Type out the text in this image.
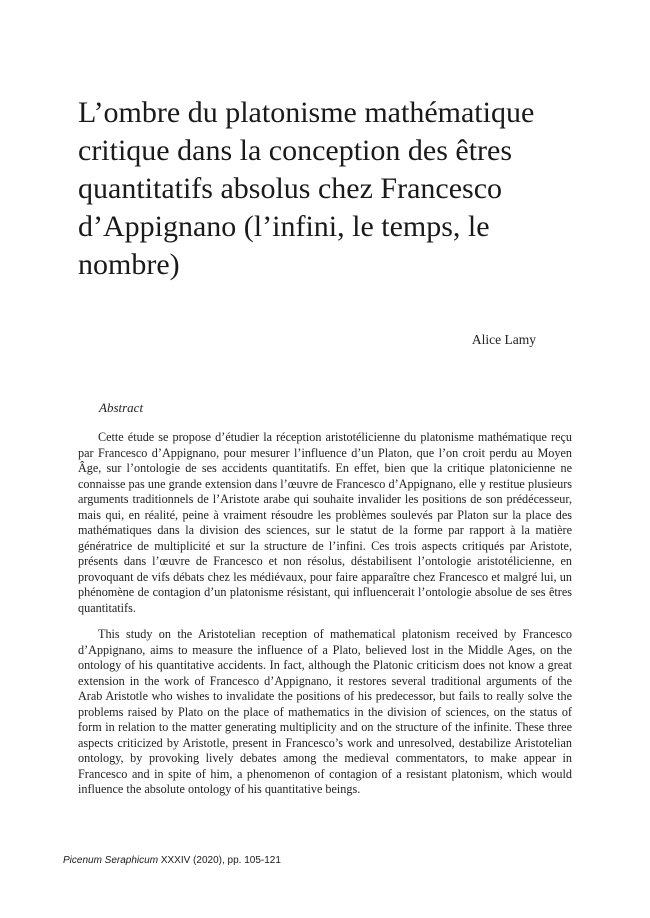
L’ombre du platonisme mathématique critique dans la conception des êtres quantitatifs absolus chez Francesco d’Appignano (l’infini, le temps, le nombre)
Alice Lamy
Abstract

Cette étude se propose d’étudier la réception aristotélicienne du platonisme mathématique reçu par Francesco d’Appignano, pour mesurer l’influence d’un Platon, que l’on croit perdu au Moyen Âge, sur l’ontologie de ses accidents quantitatifs. En effet, bien que la critique platonicienne ne connaisse pas une grande extension dans l’œuvre de Francesco d’Appignano, elle y restitue plusieurs arguments traditionnels de l’Aristote arabe qui souhaite invalider les positions de son prédécesseur, mais qui, en réalité, peine à vraiment résoudre les problèmes soulevés par Platon sur la place des mathématiques dans la division des sciences, sur le statut de la forme par rapport à la matière génératrice de multiplicité et sur la structure de l’infini. Ces trois aspects critiqués par Aristote, présents dans l’œuvre de Francesco et non résolus, déstabilisent l’ontologie aristotélicienne, en provoquant de vifs débats chez les médiévaux, pour faire apparaître chez Francesco et malgré lui, un phénomène de contagion d’un platonisme résistant, qui influencerait l’ontologie absolue de ses êtres quantitatifs.

This study on the Aristotelian reception of mathematical platonism received by Francesco d’Appignano, aims to measure the influence of a Plato, believed lost in the Middle Ages, on the ontology of his quantitative accidents. In fact, although the Platonic criticism does not know a great extension in the work of Francesco d’Appignano, it restores several traditional arguments of the Arab Aristotle who wishes to invalidate the positions of his predecessor, but fails to really solve the problems raised by Plato on the place of mathematics in the division of sciences, on the status of form in relation to the matter generating multiplicity and on the structure of the infinite. These three aspects criticized by Aristotle, present in Francesco’s work and unresolved, destabilize Aristotelian ontology, by provoking lively debates among the medieval commentators, to make appear in Francesco and in spite of him, a phenomenon of contagion of a resistant platonism, which would influence the absolute ontology of his quantitative beings.

Picenum Seraphicum XXXIV (2020), pp. 105-121
